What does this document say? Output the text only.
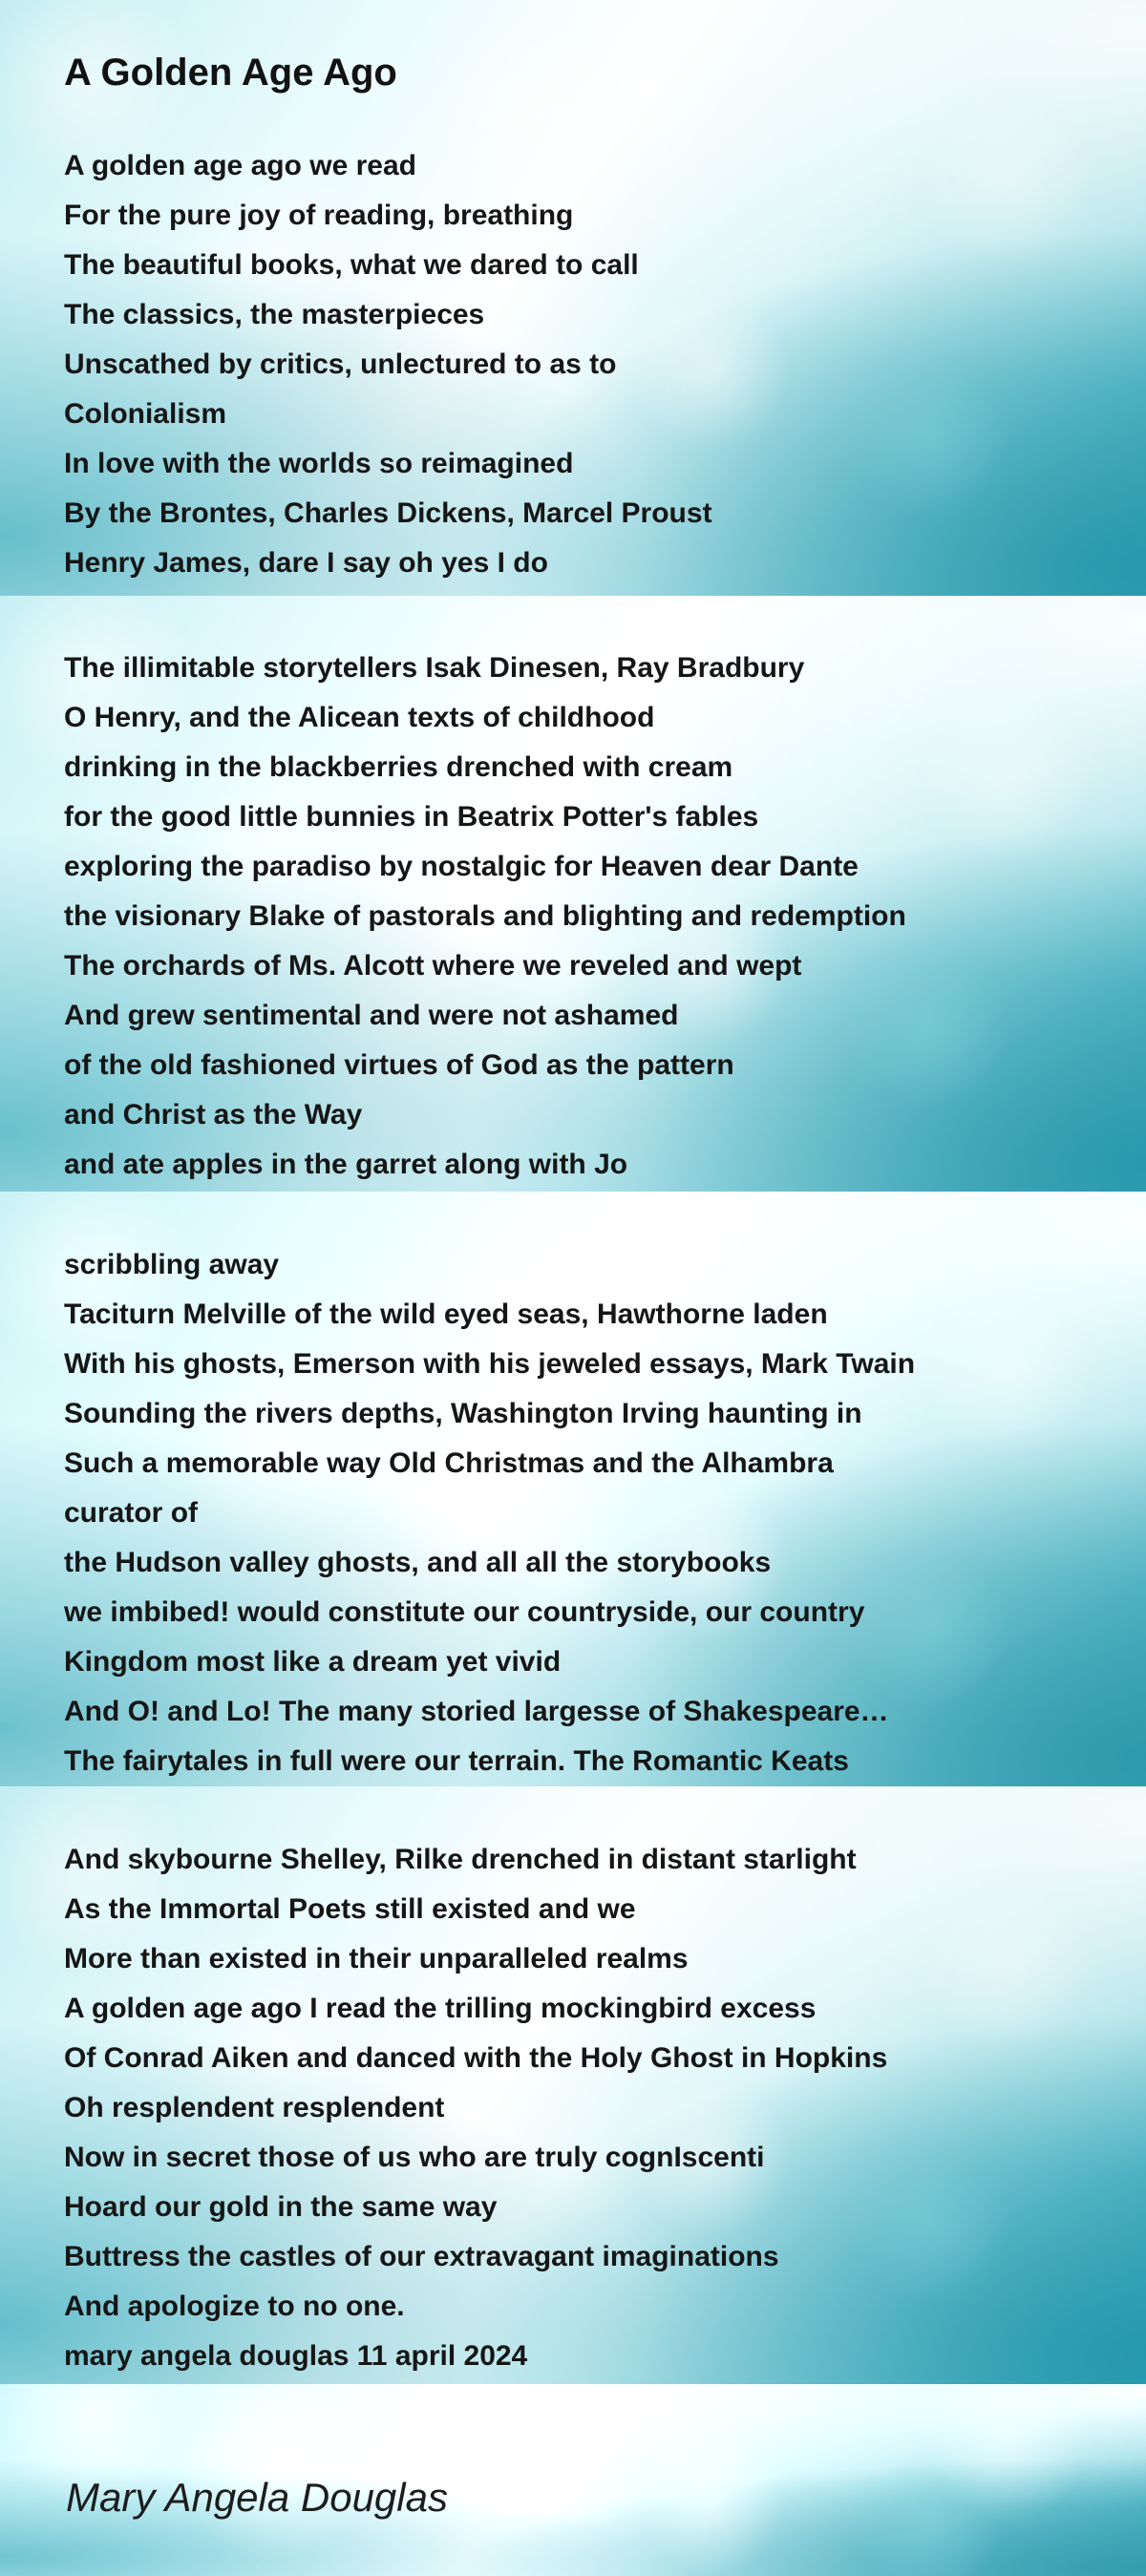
A Golden Age Ago
A golden age ago we read
For the pure joy of reading, breathing
The beautiful books, what we dared to call
The classics, the masterpieces
Unscathed by critics, unlectured to as to
Colonialism
In love with the worlds so reimagined
By the Brontes, Charles Dickens, Marcel Proust
Henry James, dare I say oh yes I do
The illimitable storytellers Isak Dinesen, Ray Bradbury
O Henry, and the Alicean texts of childhood
drinking in the blackberries drenched with cream
for the good little bunnies in Beatrix Potter's fables
exploring the paradiso by nostalgic for Heaven dear Dante
the visionary Blake of pastorals and blighting and redemption
The orchards of Ms. Alcott where we reveled and wept
And grew sentimental and were not ashamed
of the old fashioned virtues of God as the pattern
and Christ as the Way
and ate apples in the garret along with Jo
scribbling away
Taciturn Melville of the wild eyed seas, Hawthorne laden
With his ghosts, Emerson with his jeweled essays, Mark Twain
Sounding the rivers depths, Washington Irving haunting in
Such a memorable way Old Christmas and the Alhambra
curator of
the Hudson valley ghosts, and all all the storybooks
we imbibed! would constitute our countryside, our country
Kingdom most like a dream yet vivid
And O! and Lo! The many storied largesse of Shakespeare…
The fairytales in full were our terrain. The Romantic Keats
And skybourne Shelley, Rilke drenched in distant starlight
As the Immortal Poets still existed and we
More than existed in their unparalleled realms
A golden age ago I read the trilling mockingbird excess
Of Conrad Aiken and danced with the Holy Ghost in Hopkins
Oh resplendent resplendent
Now in secret those of us who are truly cognIscenti
Hoard our gold in the same way
Buttress the castles of our extravagant imaginations
And apologize to no one.
mary angela douglas 11 april 2024
Mary Angela Douglas
